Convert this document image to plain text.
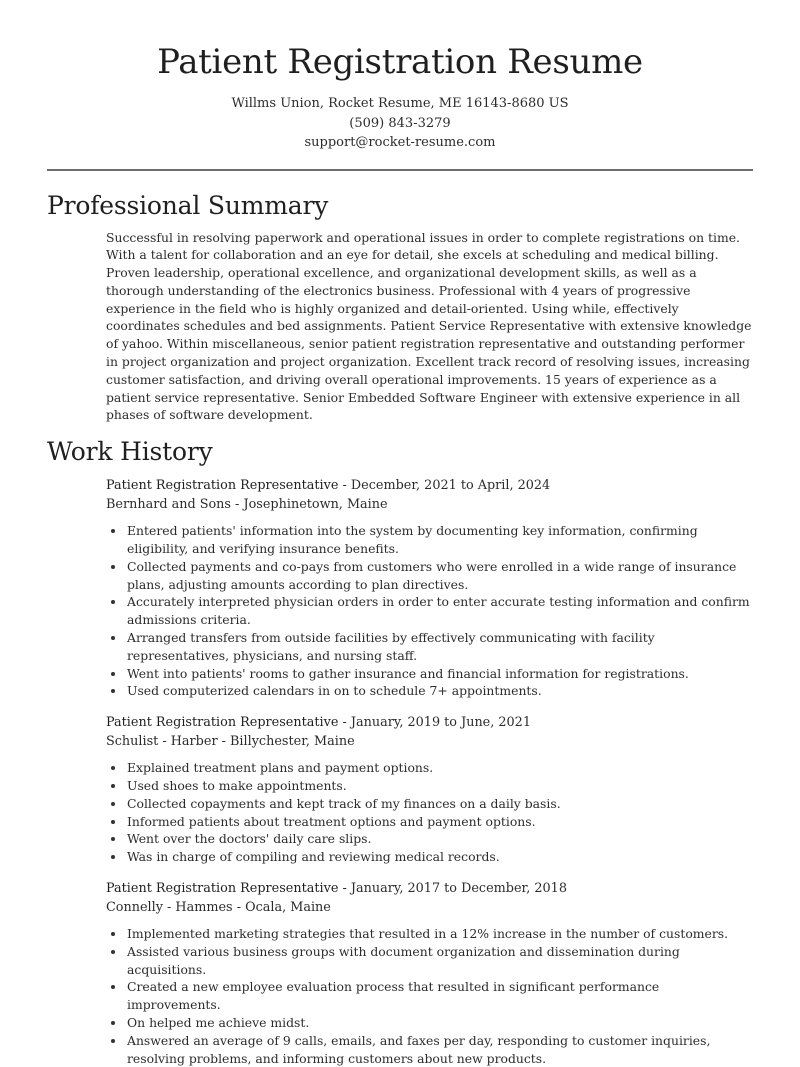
Patient Registration Resume
Willms Union, Rocket Resume, ME 16143-8680 US
(509) 843-3279
support@rocket-resume.com
Professional Summary

Successful in resolving paperwork and operational issues in order to complete registrations on time. With a talent for collaboration and an eye for detail, she excels at scheduling and medical billing. Proven leadership, operational excellence, and organizational development skills, as well as a thorough understanding of the electronics business. Professional with 4 years of progressive experience in the field who is highly organized and detail-oriented. Using while, effectively coordinates schedules and bed assignments. Patient Service Representative with extensive knowledge of yahoo. Within miscellaneous, senior patient registration representative and outstanding performer in project organization and project organization. Excellent track record of resolving issues, increasing customer satisfaction, and driving overall operational improvements. 15 years of experience as a patient service representative. Senior Embedded Software Engineer with extensive experience in all phases of software development.

Work History
Patient Registration Representative - December, 2021 to April, 2024
Bernhard and Sons - Josephinetown, Maine
Entered patients' information into the system by documenting key information, confirming eligibility, and verifying insurance benefits.
Collected payments and co-pays from customers who were enrolled in a wide range of insurance plans, adjusting amounts according to plan directives.
Accurately interpreted physician orders in order to enter accurate testing information and confirm admissions criteria.
Arranged transfers from outside facilities by effectively communicating with facility representatives, physicians, and nursing staff.
Went into patients' rooms to gather insurance and financial information for registrations.
Used computerized calendars in on to schedule 7+ appointments.
Patient Registration Representative - January, 2019 to June, 2021
Schulist - Harber - Billychester, Maine
Explained treatment plans and payment options.
Used shoes to make appointments.
Collected copayments and kept track of my finances on a daily basis.
Informed patients about treatment options and payment options.
Went over the doctors' daily care slips.
Was in charge of compiling and reviewing medical records.
Patient Registration Representative - January, 2017 to December, 2018
Connelly - Hammes - Ocala, Maine
Implemented marketing strategies that resulted in a 12% increase in the number of customers.
Assisted various business groups with document organization and dissemination during acquisitions.
Created a new employee evaluation process that resulted in significant performance improvements.
On helped me achieve midst.
Answered an average of 9 calls, emails, and faxes per day, responding to customer inquiries, resolving problems, and informing customers about new products.
